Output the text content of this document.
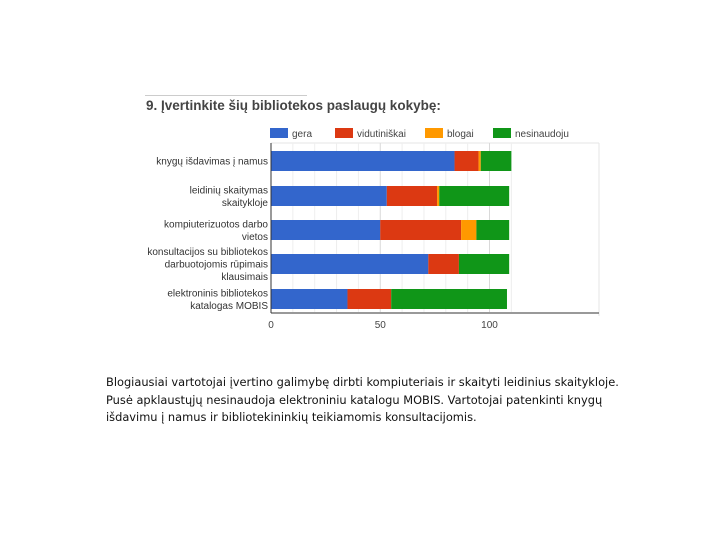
9. Įvertinkite šių bibliotekos paslaugų kokybę:
gera	vidutiniškai	blogai	nesinaudoju
knygų išdavimas į namus
leidinių skaitymas
skaitykloje
kompiuterizuotos darbo
vietos
konsultacijos su bibliotekos
darbuotojomis rūpimais
klausimais
elektroninis bibliotekos
katalogas MOBIS
0	50	100
Blogiausiai vartotojai įvertino galimybę dirbti kompiuteriais ir skaityti leidinius skaitykloje. Pusė apklaustųjų nesinaudoja elektroniniu katalogu MOBIS. Vartotojai patenkinti knygų išdavimu į namus ir bibliotekininkių teikiamomis konsultacijomis.
